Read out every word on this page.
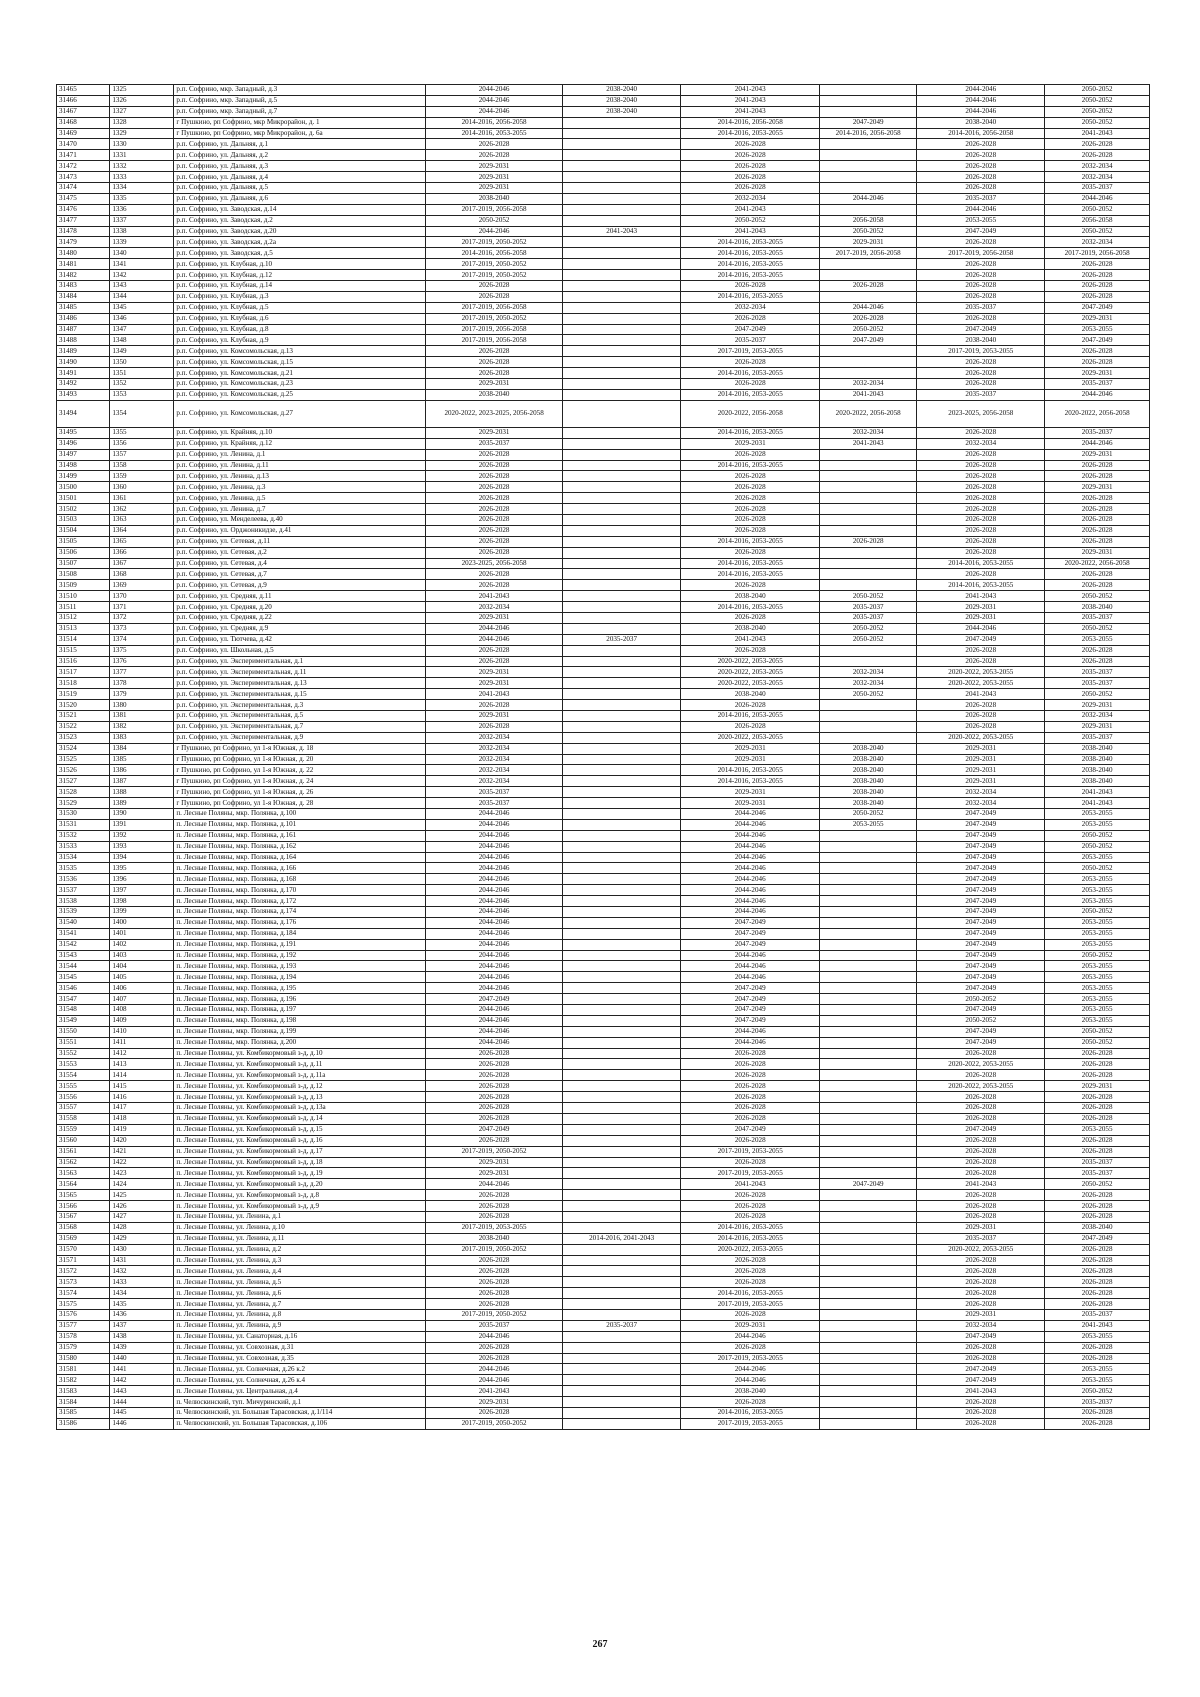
31465	1325	р.п. Софрино, мкр. Западный, д.3	2044-2046	2038-2040	2041-2043		2044-2046	2050-2052
31466	1326	р.п. Софрино, мкр. Западный, д.5	2044-2046	2038-2040	2041-2043		2044-2046	2050-2052
31467	1327	р.п. Софрино, мкр. Западный, д.7	2044-2046	2038-2040	2041-2043		2044-2046	2050-2052
31468	1328	г Пушкино, рп Софрино, мкр Микрорайон, д. 1	2014-2016, 2056-2058		2014-2016, 2056-2058	2047-2049	2038-2040	2050-2052
31469	1329	г Пушкино, рп Софрино, мкр Микрорайон, д. 6а	2014-2016, 2053-2055		2014-2016, 2053-2055	2014-2016, 2056-2058	2014-2016, 2056-2058	2041-2043
31470	1330	р.п. Софрино, ул. Дальняя, д.1	2026-2028		2026-2028		2026-2028	2026-2028
31471	1331	р.п. Софрино, ул. Дальняя, д.2	2026-2028		2026-2028		2026-2028	2026-2028
31472	1332	р.п. Софрино, ул. Дальняя, д.3	2029-2031		2026-2028		2026-2028	2032-2034
31473	1333	р.п. Софрино, ул. Дальняя, д.4	2029-2031		2026-2028		2026-2028	2032-2034
31474	1334	р.п. Софрино, ул. Дальняя, д.5	2029-2031		2026-2028		2026-2028	2035-2037
31475	1335	р.п. Софрино, ул. Дальняя, д.6	2038-2040		2032-2034	2044-2046	2035-2037	2044-2046
31476	1336	р.п. Софрино, ул. Заводская, д.14	2017-2019, 2056-2058		2041-2043		2044-2046	2050-2052
31477	1337	р.п. Софрино, ул. Заводская, д.2	2050-2052		2050-2052	2056-2058	2053-2055	2056-2058
31478	1338	р.п. Софрино, ул. Заводская, д.20	2044-2046	2041-2043	2041-2043	2050-2052	2047-2049	2050-2052
31479	1339	р.п. Софрино, ул. Заводская, д.2а	2017-2019, 2050-2052		2014-2016, 2053-2055	2029-2031	2026-2028	2032-2034
31480	1340	р.п. Софрино, ул. Заводская, д.5	2014-2016, 2056-2058		2014-2016, 2053-2055	2017-2019, 2056-2058	2017-2019, 2056-2058	2017-2019, 2056-2058
31481	1341	р.п. Софрино, ул. Клубная, д.10	2017-2019, 2050-2052		2014-2016, 2053-2055		2026-2028	2026-2028
31482	1342	р.п. Софрино, ул. Клубная, д.12	2017-2019, 2050-2052		2014-2016, 2053-2055		2026-2028	2026-2028
31483	1343	р.п. Софрино, ул. Клубная, д.14	2026-2028		2026-2028	2026-2028	2026-2028	2026-2028
31484	1344	р.п. Софрино, ул. Клубная, д.3	2026-2028		2014-2016, 2053-2055		2026-2028	2026-2028
31485	1345	р.п. Софрино, ул. Клубная, д.5	2017-2019, 2056-2058		2032-2034	2044-2046	2035-2037	2047-2049
31486	1346	р.п. Софрино, ул. Клубная, д.6	2017-2019, 2050-2052		2026-2028	2026-2028	2026-2028	2029-2031
31487	1347	р.п. Софрино, ул. Клубная, д.8	2017-2019, 2056-2058		2047-2049	2050-2052	2047-2049	2053-2055
31488	1348	р.п. Софрино, ул. Клубная, д.9	2017-2019, 2056-2058		2035-2037	2047-2049	2038-2040	2047-2049
31489	1349	р.п. Софрино, ул. Комсомольская, д.13	2026-2028		2017-2019, 2053-2055		2017-2019, 2053-2055	2026-2028
31490	1350	р.п. Софрино, ул. Комсомольская, д.15	2026-2028		2026-2028		2026-2028	2026-2028
31491	1351	р.п. Софрино, ул. Комсомольская, д.21	2026-2028		2014-2016, 2053-2055		2026-2028	2029-2031
31492	1352	р.п. Софрино, ул. Комсомольская, д.23	2029-2031		2026-2028	2032-2034	2026-2028	2035-2037
31493	1353	р.п. Софрино, ул. Комсомольская, д.25	2038-2040		2014-2016, 2053-2055	2041-2043	2035-2037	2044-2046
31494	1354	р.п. Софрино, ул. Комсомольская, д.27	2020-2022, 2023-2025, 2056-2058		2020-2022, 2056-2058	2020-2022, 2056-2058	2023-2025, 2056-2058	2020-2022, 2056-2058
31495	1355	р.п. Софрино, ул. Крайняя, д.10	2029-2031		2014-2016, 2053-2055	2032-2034	2026-2028	2035-2037
31496	1356	р.п. Софрино, ул. Крайняя, д.12	2035-2037		2029-2031	2041-2043	2032-2034	2044-2046
31497	1357	р.п. Софрино, ул. Ленина, д.1	2026-2028		2026-2028		2026-2028	2029-2031
31498	1358	р.п. Софрино, ул. Ленина, д.11	2026-2028		2014-2016, 2053-2055		2026-2028	2026-2028
31499	1359	р.п. Софрино, ул. Ленина, д.13	2026-2028		2026-2028		2026-2028	2026-2028
31500	1360	р.п. Софрино, ул. Ленина, д.3	2026-2028		2026-2028		2026-2028	2029-2031
31501	1361	р.п. Софрино, ул. Ленина, д.5	2026-2028		2026-2028		2026-2028	2026-2028
31502	1362	р.п. Софрино, ул. Ленина, д.7	2026-2028		2026-2028		2026-2028	2026-2028
31503	1363	р.п. Софрино, ул. Менделеева, д.40	2026-2028		2026-2028		2026-2028	2026-2028
31504	1364	р.п. Софрино, ул. Орджоникидзе, д.41	2026-2028		2026-2028		2026-2028	2026-2028
31505	1365	р.п. Софрино, ул. Сетевая, д.11	2026-2028		2014-2016, 2053-2055	2026-2028	2026-2028	2026-2028
31506	1366	р.п. Софрино, ул. Сетевая, д.2	2026-2028		2026-2028		2026-2028	2029-2031
31507	1367	р.п. Софрино, ул. Сетевая, д.4	2023-2025, 2056-2058		2014-2016, 2053-2055		2014-2016, 2053-2055	2020-2022, 2056-2058
31508	1368	р.п. Софрино, ул. Сетевая, д.7	2026-2028		2014-2016, 2053-2055		2026-2028	2026-2028
31509	1369	р.п. Софрино, ул. Сетевая, д.9	2026-2028		2026-2028		2014-2016, 2053-2055	2026-2028
31510	1370	р.п. Софрино, ул. Средняя, д.11	2041-2043		2038-2040	2050-2052	2041-2043	2050-2052
31511	1371	р.п. Софрино, ул. Средняя, д.20	2032-2034		2014-2016, 2053-2055	2035-2037	2029-2031	2038-2040
31512	1372	р.п. Софрино, ул. Средняя, д.22	2029-2031		2026-2028	2035-2037	2029-2031	2035-2037
31513	1373	р.п. Софрино, ул. Средняя, д.9	2044-2046		2038-2040	2050-2052	2044-2046	2050-2052
31514	1374	р.п. Софрино, ул. Тютчева, д.42	2044-2046	2035-2037	2041-2043	2050-2052	2047-2049	2053-2055
31515	1375	р.п. Софрино, ул. Школьная, д.5	2026-2028		2026-2028		2026-2028	2026-2028
31516	1376	р.п. Софрино, ул. Экспериментальная, д.1	2026-2028		2020-2022, 2053-2055		2026-2028	2026-2028
31517	1377	р.п. Софрино, ул. Экспериментальная, д.11	2029-2031		2020-2022, 2053-2055	2032-2034	2020-2022, 2053-2055	2035-2037
31518	1378	р.п. Софрино, ул. Экспериментальная, д.13	2029-2031		2020-2022, 2053-2055	2032-2034	2020-2022, 2053-2055	2035-2037
31519	1379	р.п. Софрино, ул. Экспериментальная, д.15	2041-2043		2038-2040	2050-2052	2041-2043	2050-2052
31520	1380	р.п. Софрино, ул. Экспериментальная, д.3	2026-2028		2026-2028		2026-2028	2029-2031
31521	1381	р.п. Софрино, ул. Экспериментальная, д.5	2029-2031		2014-2016, 2053-2055		2026-2028	2032-2034
31522	1382	р.п. Софрино, ул. Экспериментальная, д.7	2026-2028		2026-2028		2026-2028	2029-2031
31523	1383	р.п. Софрино, ул. Экспериментальная, д.9	2032-2034		2020-2022, 2053-2055		2020-2022, 2053-2055	2035-2037
31524	1384	г Пушкино, рп Софрино, ул 1-я Южная, д. 18	2032-2034		2029-2031	2038-2040	2029-2031	2038-2040
31525	1385	г Пушкино, рп Софрино, ул 1-я Южная, д. 20	2032-2034		2029-2031	2038-2040	2029-2031	2038-2040
31526	1386	г Пушкино, рп Софрино, ул 1-я Южная, д. 22	2032-2034		2014-2016, 2053-2055	2038-2040	2029-2031	2038-2040
31527	1387	г Пушкино, рп Софрино, ул 1-я Южная, д. 24	2032-2034		2014-2016, 2053-2055	2038-2040	2029-2031	2038-2040
31528	1388	г Пушкино, рп Софрино, ул 1-я Южная, д. 26	2035-2037		2029-2031	2038-2040	2032-2034	2041-2043
31529	1389	г Пушкино, рп Софрино, ул 1-я Южная, д. 28	2035-2037		2029-2031	2038-2040	2032-2034	2041-2043
31530	1390	п. Лесные Поляны, мкр. Полянка, д.100	2044-2046		2044-2046	2050-2052	2047-2049	2053-2055
31531	1391	п. Лесные Поляны, мкр. Полянка, д.101	2044-2046		2044-2046	2053-2055	2047-2049	2053-2055
31532	1392	п. Лесные Поляны, мкр. Полянка, д.161	2044-2046		2044-2046		2047-2049	2050-2052
31533	1393	п. Лесные Поляны, мкр. Полянка, д.162	2044-2046		2044-2046		2047-2049	2050-2052
31534	1394	п. Лесные Поляны, мкр. Полянка, д.164	2044-2046		2044-2046		2047-2049	2053-2055
31535	1395	п. Лесные Поляны, мкр. Полянка, д.166	2044-2046		2044-2046		2047-2049	2050-2052
31536	1396	п. Лесные Поляны, мкр. Полянка, д.168	2044-2046		2044-2046		2047-2049	2053-2055
31537	1397	п. Лесные Поляны, мкр. Полянка, д.170	2044-2046		2044-2046		2047-2049	2053-2055
31538	1398	п. Лесные Поляны, мкр. Полянка, д.172	2044-2046		2044-2046		2047-2049	2053-2055
31539	1399	п. Лесные Поляны, мкр. Полянка, д.174	2044-2046		2044-2046		2047-2049	2050-2052
31540	1400	п. Лесные Поляны, мкр. Полянка, д.176	2044-2046		2047-2049		2047-2049	2053-2055
31541	1401	п. Лесные Поляны, мкр. Полянка, д.184	2044-2046		2047-2049		2047-2049	2053-2055
31542	1402	п. Лесные Поляны, мкр. Полянка, д.191	2044-2046		2047-2049		2047-2049	2053-2055
31543	1403	п. Лесные Поляны, мкр. Полянка, д.192	2044-2046		2044-2046		2047-2049	2050-2052
31544	1404	п. Лесные Поляны, мкр. Полянка, д.193	2044-2046		2044-2046		2047-2049	2053-2055
31545	1405	п. Лесные Поляны, мкр. Полянка, д.194	2044-2046		2044-2046		2047-2049	2053-2055
31546	1406	п. Лесные Поляны, мкр. Полянка, д.195	2044-2046		2047-2049		2047-2049	2053-2055
31547	1407	п. Лесные Поляны, мкр. Полянка, д.196	2047-2049		2047-2049		2050-2052	2053-2055
31548	1408	п. Лесные Поляны, мкр. Полянка, д.197	2044-2046		2047-2049		2047-2049	2053-2055
31549	1409	п. Лесные Поляны, мкр. Полянка, д.198	2044-2046		2047-2049		2050-2052	2053-2055
31550	1410	п. Лесные Поляны, мкр. Полянка, д.199	2044-2046		2044-2046		2047-2049	2050-2052
31551	1411	п. Лесные Поляны, мкр. Полянка, д.200	2044-2046		2044-2046		2047-2049	2050-2052
31552	1412	п. Лесные Поляны, ул. Комбикормовый з-д, д.10	2026-2028		2026-2028		2026-2028	2026-2028
31553	1413	п. Лесные Поляны, ул. Комбикормовый з-д, д.11	2026-2028		2026-2028		2020-2022, 2053-2055	2026-2028
31554	1414	п. Лесные Поляны, ул. Комбикормовый з-д, д.11а	2026-2028		2026-2028		2026-2028	2026-2028
31555	1415	п. Лесные Поляны, ул. Комбикормовый з-д, д.12	2026-2028		2026-2028		2020-2022, 2053-2055	2029-2031
31556	1416	п. Лесные Поляны, ул. Комбикормовый з-д, д.13	2026-2028		2026-2028		2026-2028	2026-2028
31557	1417	п. Лесные Поляны, ул. Комбикормовый з-д, д.13а	2026-2028		2026-2028		2026-2028	2026-2028
31558	1418	п. Лесные Поляны, ул. Комбикормовый з-д, д.14	2026-2028		2026-2028		2026-2028	2026-2028
31559	1419	п. Лесные Поляны, ул. Комбикормовый з-д, д.15	2047-2049		2047-2049		2047-2049	2053-2055
31560	1420	п. Лесные Поляны, ул. Комбикормовый з-д, д.16	2026-2028		2026-2028		2026-2028	2026-2028
31561	1421	п. Лесные Поляны, ул. Комбикормовый з-д, д.17	2017-2019, 2050-2052		2017-2019, 2053-2055		2026-2028	2026-2028
31562	1422	п. Лесные Поляны, ул. Комбикормовый з-д, д.18	2029-2031		2026-2028		2026-2028	2035-2037
31563	1423	п. Лесные Поляны, ул. Комбикормовый з-д, д.19	2029-2031		2017-2019, 2053-2055		2026-2028	2035-2037
31564	1424	п. Лесные Поляны, ул. Комбикормовый з-д, д.20	2044-2046		2041-2043	2047-2049	2041-2043	2050-2052
31565	1425	п. Лесные Поляны, ул. Комбикормовый з-д, д.8	2026-2028		2026-2028		2026-2028	2026-2028
31566	1426	п. Лесные Поляны, ул. Комбикормовый з-д, д.9	2026-2028		2026-2028		2026-2028	2026-2028
31567	1427	п. Лесные Поляны, ул. Ленина, д.1	2026-2028		2026-2028		2026-2028	2026-2028
31568	1428	п. Лесные Поляны, ул. Ленина, д.10	2017-2019, 2053-2055		2014-2016, 2053-2055		2029-2031	2038-2040
31569	1429	п. Лесные Поляны, ул. Ленина, д.11	2038-2040	2014-2016, 2041-2043	2014-2016, 2053-2055		2035-2037	2047-2049
31570	1430	п. Лесные Поляны, ул. Ленина, д.2	2017-2019, 2050-2052		2020-2022, 2053-2055		2020-2022, 2053-2055	2026-2028
31571	1431	п. Лесные Поляны, ул. Ленина, д.3	2026-2028		2026-2028		2026-2028	2026-2028
31572	1432	п. Лесные Поляны, ул. Ленина, д.4	2026-2028		2026-2028		2026-2028	2026-2028
31573	1433	п. Лесные Поляны, ул. Ленина, д.5	2026-2028		2026-2028		2026-2028	2026-2028
31574	1434	п. Лесные Поляны, ул. Ленина, д.6	2026-2028		2014-2016, 2053-2055		2026-2028	2026-2028
31575	1435	п. Лесные Поляны, ул. Ленина, д.7	2026-2028		2017-2019, 2053-2055		2026-2028	2026-2028
31576	1436	п. Лесные Поляны, ул. Ленина, д.8	2017-2019, 2050-2052		2026-2028		2029-2031	2035-2037
31577	1437	п. Лесные Поляны, ул. Ленина, д.9	2035-2037	2035-2037	2029-2031		2032-2034	2041-2043
31578	1438	п. Лесные Поляны, ул. Санаторная, д.16	2044-2046		2044-2046		2047-2049	2053-2055
31579	1439	п. Лесные Поляны, ул. Совхозная, д.31	2026-2028		2026-2028		2026-2028	2026-2028
31580	1440	п. Лесные Поляны, ул. Совхозная, д.35	2026-2028		2017-2019, 2053-2055		2026-2028	2026-2028
31581	1441	п. Лесные Поляны, ул. Солнечная, д.26 к.2	2044-2046		2044-2046		2047-2049	2053-2055
31582	1442	п. Лесные Поляны, ул. Солнечная, д.26 к.4	2044-2046		2044-2046		2047-2049	2053-2055
31583	1443	п. Лесные Поляны, ул. Центральная, д.4	2041-2043		2038-2040		2041-2043	2050-2052
31584	1444	п. Челюскинский, туп. Мичуринский, д.1	2029-2031		2026-2028		2026-2028	2035-2037
31585	1445	п. Челюскинский, ул. Большая Тарасовская, д.1/114	2026-2028		2014-2016, 2053-2055		2026-2028	2026-2028
31586	1446	п. Челюскинский, ул. Большая Тарасовская, д.106	2017-2019, 2050-2052		2017-2019, 2053-2055		2026-2028	2026-2028
267
